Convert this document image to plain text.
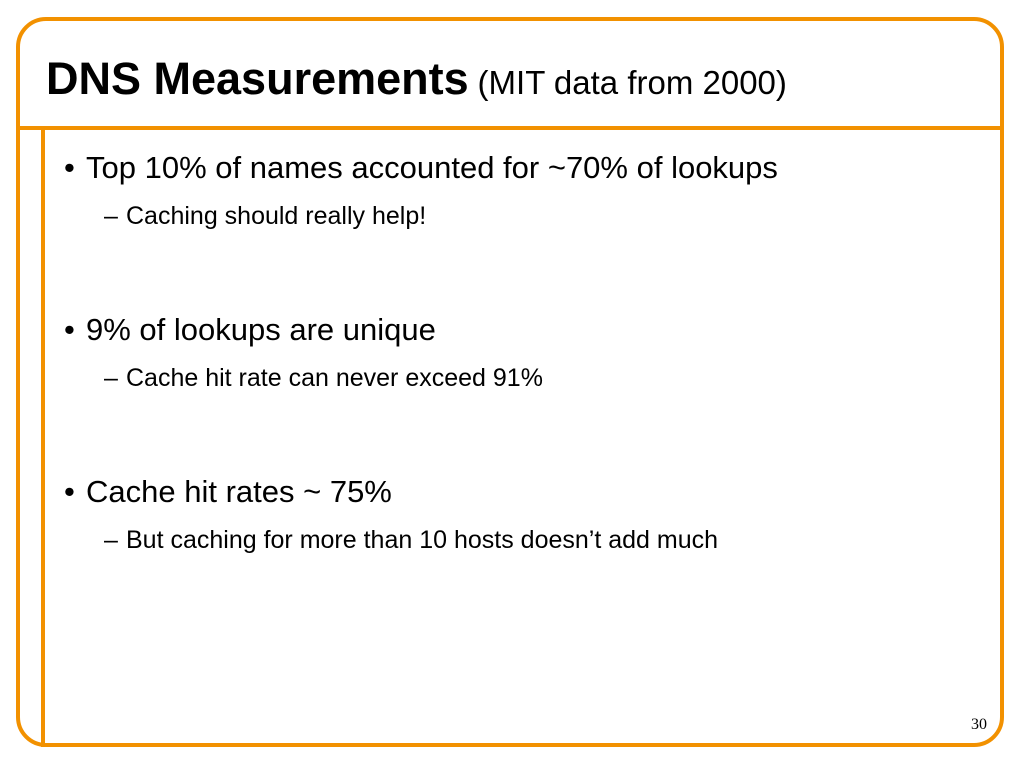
DNS Measurements (MIT data from 2000)
• Top 10% of names accounted for ~70% of lookups
– Caching should really help!
• 9% of lookups are unique
– Cache hit rate can never exceed 91%
• Cache hit rates ~ 75%
– But caching for more than 10 hosts doesn’t add much
30
